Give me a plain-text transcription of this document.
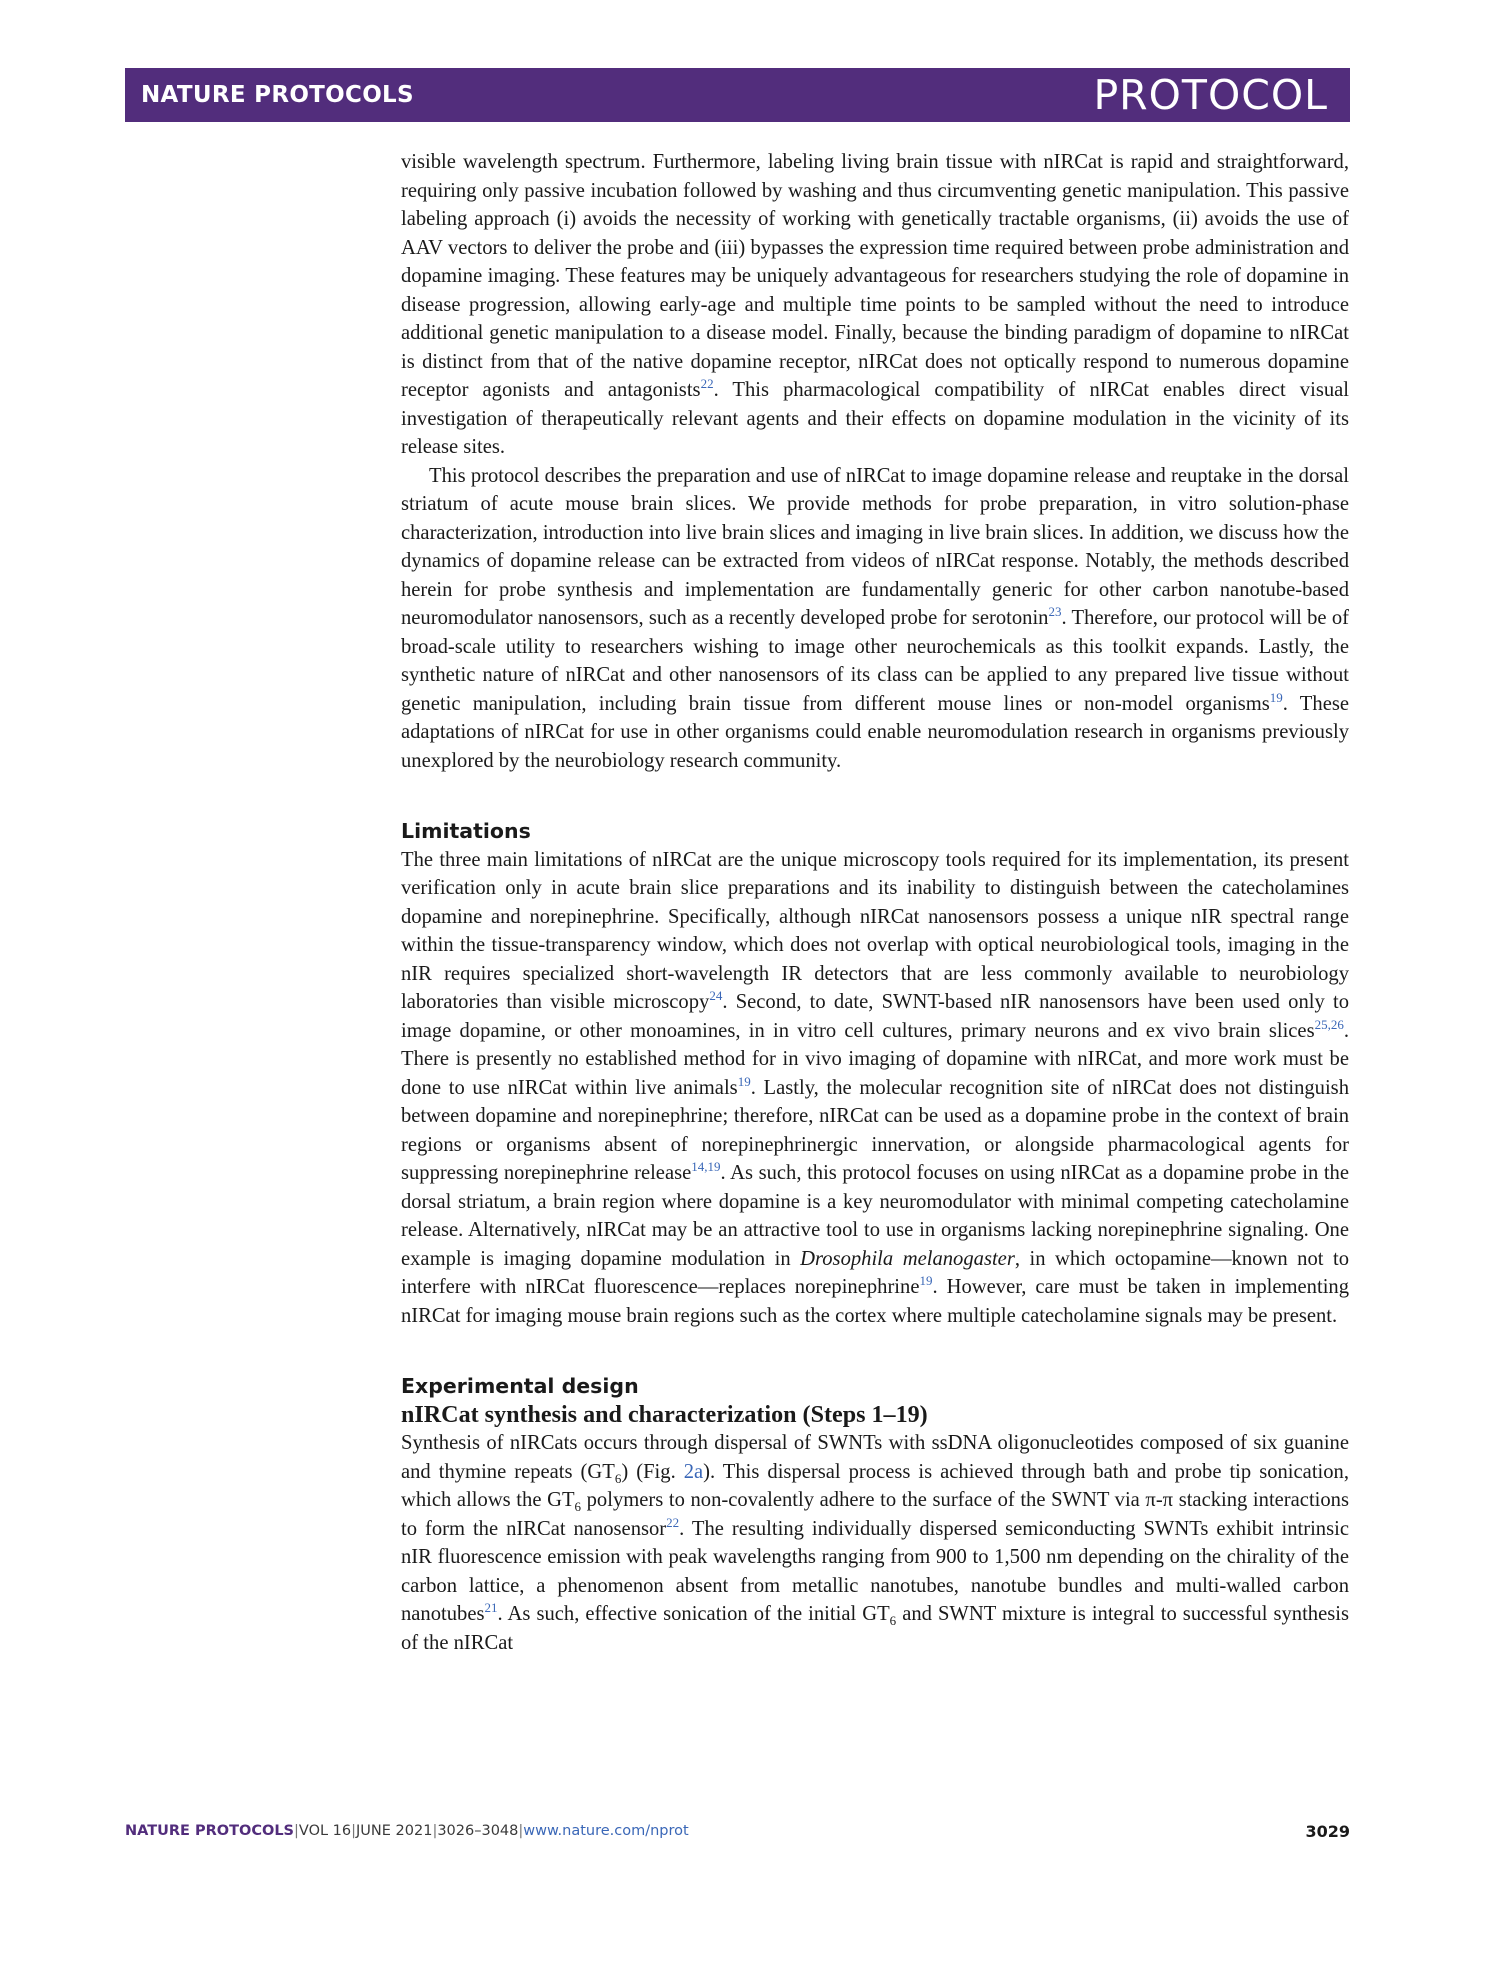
NATURE PROTOCOLS	PROTOCOL

visible wavelength spectrum. Furthermore, labeling living brain tissue with nIRCat is rapid and straightforward, requiring only passive incubation followed by washing and thus circumventing genetic manipulation. This passive labeling approach (i) avoids the necessity of working with genetically tractable organisms, (ii) avoids the use of AAV vectors to deliver the probe and (iii) bypasses the expression time required between probe administration and dopamine imaging. These features may be uniquely advantageous for researchers studying the role of dopamine in disease progression, allowing early-age and multiple time points to be sampled without the need to introduce additional genetic manipulation to a disease model. Finally, because the binding paradigm of dopamine to nIRCat is distinct from that of the native dopamine receptor, nIRCat does not optically respond to numerous dopamine receptor agonists and antagonists$^{22}$. This pharmacological compatibility of nIRCat enables direct visual investigation of therapeutically relevant agents and their effects on dopamine modulation in the vicinity of its release sites.

This protocol describes the preparation and use of nIRCat to image dopamine release and reuptake in the dorsal striatum of acute mouse brain slices. We provide methods for probe preparation, in vitro solution-phase characterization, introduction into live brain slices and imaging in live brain slices. In addition, we discuss how the dynamics of dopamine release can be extracted from videos of nIRCat response. Notably, the methods described herein for probe synthesis and implementation are fundamentally generic for other carbon nanotube-based neuromodulator nanosensors, such as a recently developed probe for serotonin$^{23}$. Therefore, our protocol will be of broad-scale utility to researchers wishing to image other neurochemicals as this toolkit expands. Lastly, the synthetic nature of nIRCat and other nanosensors of its class can be applied to any prepared live tissue without genetic manipulation, including brain tissue from different mouse lines or non-model organisms$^{19}$. These adaptations of nIRCat for use in other organisms could enable neuromodulation research in organisms previously unexplored by the neurobiology research community.

Limitations

The three main limitations of nIRCat are the unique microscopy tools required for its implementation, its present verification only in acute brain slice preparations and its inability to distinguish between the catecholamines dopamine and norepinephrine. Specifically, although nIRCat nanosensors possess a unique nIR spectral range within the tissue-transparency window, which does not overlap with optical neurobiological tools, imaging in the nIR requires specialized short-wavelength IR detectors that are less commonly available to neurobiology laboratories than visible microscopy$^{24}$. Second, to date, SWNT-based nIR nanosensors have been used only to image dopamine, or other monoamines, in in vitro cell cultures, primary neurons and ex vivo brain slices$^{25,26}$. There is presently no established method for in vivo imaging of dopamine with nIRCat, and more work must be done to use nIRCat within live animals$^{19}$. Lastly, the molecular recognition site of nIRCat does not distinguish between dopamine and norepinephrine; therefore, nIRCat can be used as a dopamine probe in the context of brain regions or organisms absent of norepinephrinergic innervation, or alongside pharmacological agents for suppressing norepinephrine release$^{14,19}$. As such, this protocol focuses on using nIRCat as a dopamine probe in the dorsal striatum, a brain region where dopamine is a key neuromodulator with minimal competing catecholamine release. Alternatively, nIRCat may be an attractive tool to use in organisms lacking norepinephrine signaling. One example is imaging dopamine modulation in Drosophila melanogaster, in which octopamine—known not to interfere with nIRCat fluorescence—replaces norepinephrine$^{19}$. However, care must be taken in implementing nIRCat for imaging mouse brain regions such as the cortex where multiple catecholamine signals may be present.

Experimental design
nIRCat synthesis and characterization (Steps 1–19)

Synthesis of nIRCats occurs through dispersal of SWNTs with ssDNA oligonucleotides composed of six guanine and thymine repeats $(GT_6)$ (Fig. 2a). This dispersal process is achieved through bath and probe tip sonication, which allows the $GT_6$ polymers to non-covalently adhere to the surface of the SWNT via π-π stacking interactions to form the nIRCat nanosensor$^{22}$. The resulting individually dispersed semiconducting SWNTs exhibit intrinsic nIR fluorescence emission with peak wavelengths ranging from 900 to 1,500 nm depending on the chirality of the carbon lattice, a phenomenon absent from metallic nanotubes, nanotube bundles and multi-walled carbon nanotubes$^{21}$. As such, effective sonication of the initial $GT_6$ and SWNT mixture is integral to successful synthesis of the nIRCat

NATURE PROTOCOLS|VOL 16|JUNE 2021|3026–3048|www.nature.com/nprot	3029
